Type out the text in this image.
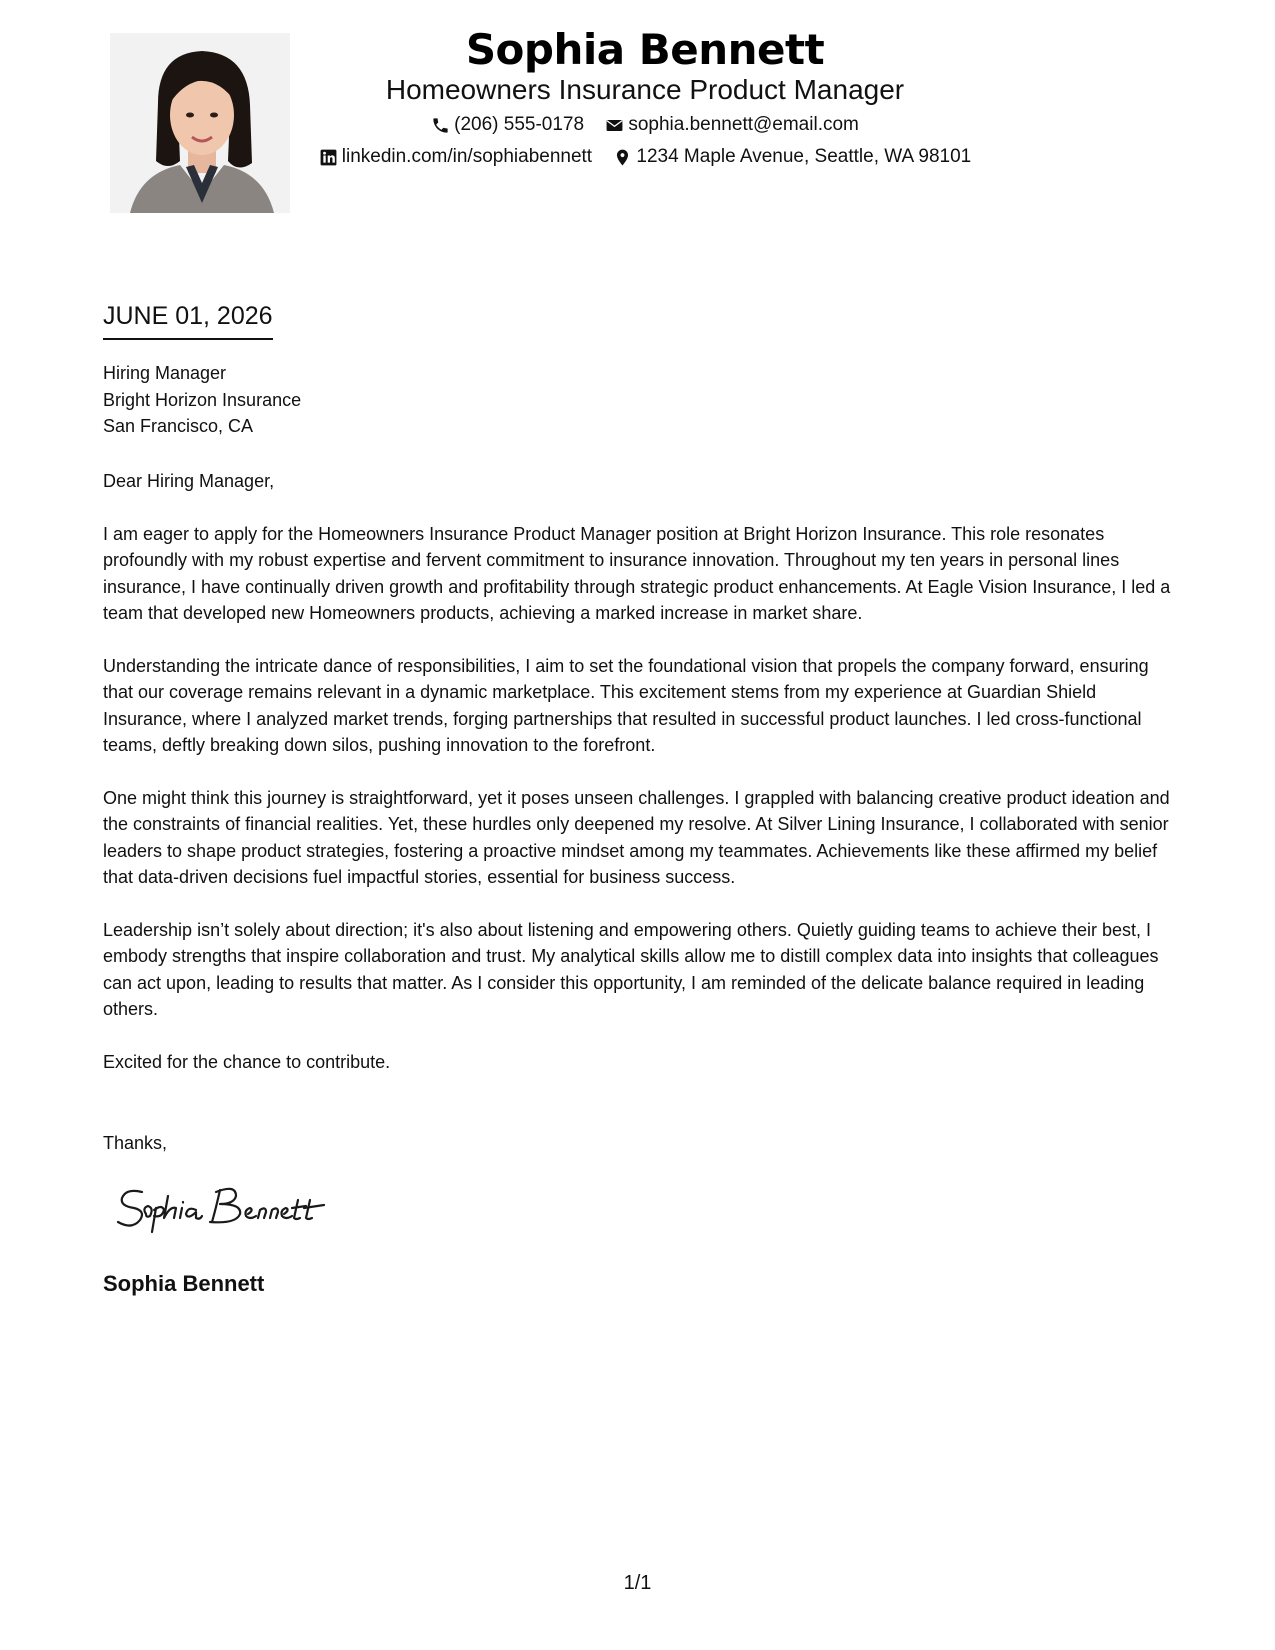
Sophia Bennett
Homeowners Insurance Product Manager
(206) 555-0178
sophia.bennett@email.com
linkedin.com/in/sophiabennett
1234 Maple Avenue, Seattle, WA 98101
JUNE 01, 2026
Hiring Manager
Bright Horizon Insurance
San Francisco, CA

Dear Hiring Manager,

I am eager to apply for the Homeowners Insurance Product Manager position at Bright Horizon Insurance. This role resonates profoundly with my robust expertise and fervent commitment to insurance innovation. Throughout my ten years in personal lines insurance, I have continually driven growth and profitability through strategic product enhancements. At Eagle Vision Insurance, I led a team that developed new Homeowners products, achieving a marked increase in market share.

Understanding the intricate dance of responsibilities, I aim to set the foundational vision that propels the company forward, ensuring that our coverage remains relevant in a dynamic marketplace. This excitement stems from my experience at Guardian Shield Insurance, where I analyzed market trends, forging partnerships that resulted in successful product launches. I led cross-functional teams, deftly breaking down silos, pushing innovation to the forefront.

One might think this journey is straightforward, yet it poses unseen challenges. I grappled with balancing creative product ideation and the constraints of financial realities. Yet, these hurdles only deepened my resolve. At Silver Lining Insurance, I collaborated with senior leaders to shape product strategies, fostering a proactive mindset among my teammates. Achievements like these affirmed my belief that data-driven decisions fuel impactful stories, essential for business success.

Leadership isn’t solely about direction; it's also about listening and empowering others. Quietly guiding teams to achieve their best, I embody strengths that inspire collaboration and trust. My analytical skills allow me to distill complex data into insights that colleagues can act upon, leading to results that matter. As I consider this opportunity, I am reminded of the delicate balance required in leading others.

Excited for the chance to contribute.

Thanks,
Sophia Bennett
1/1
